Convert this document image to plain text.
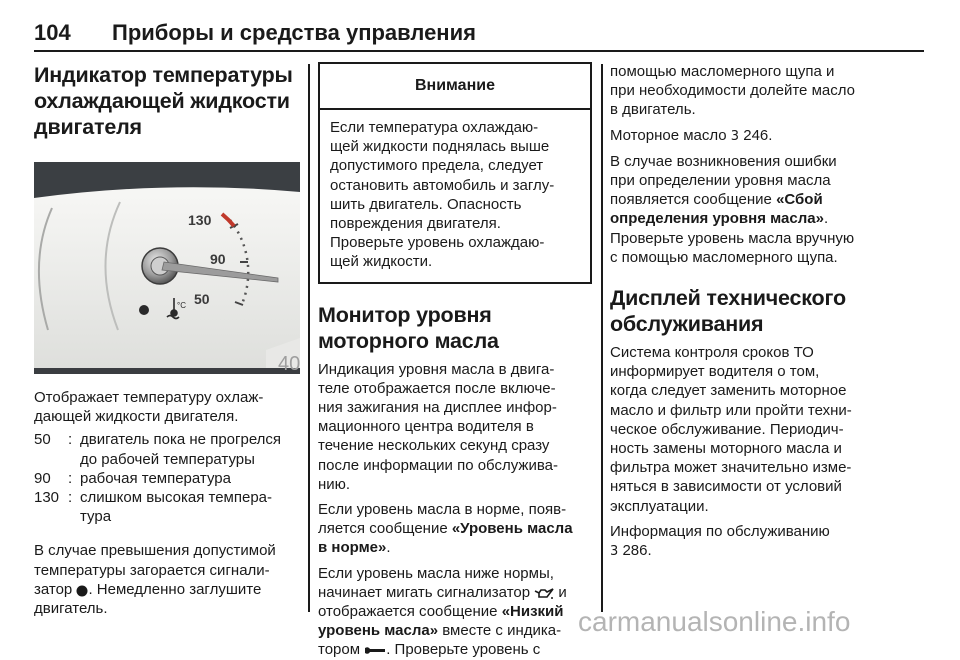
104 Приборы и средства управления
Индикатор температуры
охлаждающей жидкости
двигателя
130
90
50
°C
40

Отображает температуру охлаж-
дающей жидкости двигателя.

50	: двигатель пока не прогрелся
до рабочей температуры
90	: рабочая температура
130 : слишком высокая темпера-
тура

В случае превышения допустимой
температуры загорается сигнали-
затор . Немедленно заглушите
двигатель.

Внимание

Если температура охлаждаю-
щей жидкости поднялась выше
допустимого предела, следует
остановить автомобиль и заглу-
шить двигатель. Опасность
повреждения двигателя.
Проверьте уровень охлаждаю-
щей жидкости.

Монитор уровня
моторного масла

Индикация уровня масла в двига-
теле отображается после включе-
ния зажигания на дисплее инфор-
мационного центра водителя в
течение нескольких секунд сразу
после информации по обслужива-
нию.

Если уровень масла в норме, появ-
ляется сообщение «Уровень масла
в норме».

Если уровень масла ниже нормы,
начинает мигать сигнализатор  и
отображается сообщение «Низкий
уровень масла» вместе с индика-
тором . Проверьте уровень с

помощью масломерного щупа и
при необходимости долейте масло
в двигатель.

Моторное масло 3 246.

В случае возникновения ошибки
при определении уровня масла
появляется сообщение «Сбой
определения уровня масла».
Проверьте уровень масла вручную
с помощью масломерного щупа.

Дисплей технического
обслуживания

Система контроля сроков ТО
информирует водителя о том,
когда следует заменить моторное
масло и фильтр или пройти техни-
ческое обслуживание. Периодич-
ность замены моторного масла и
фильтра может значительно изме-
няться в зависимости от условий
эксплуатации.

Информация по обслуживанию
3 286.

carmanualsonline.info
